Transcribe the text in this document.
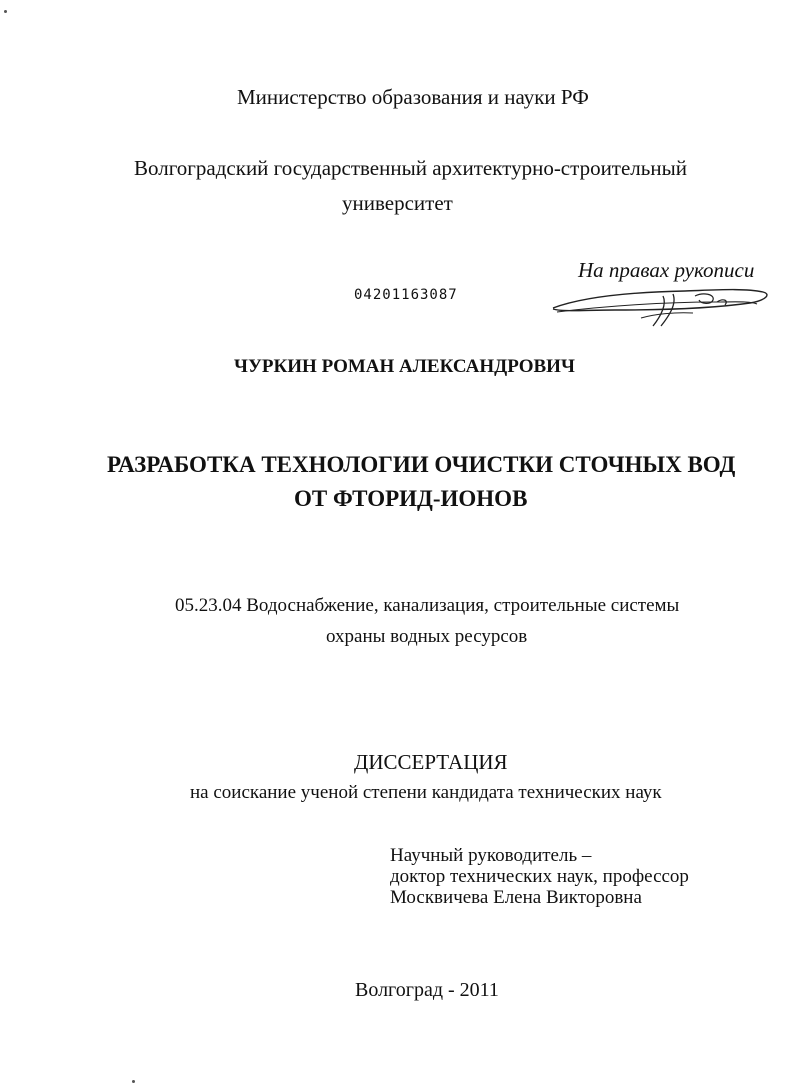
Министерство образования и науки РФ
Волгоградский государственный архитектурно-строительный
университет
На правах рукописи
04201163087
ЧУРКИН РОМАН АЛЕКСАНДРОВИЧ
РАЗРАБОТКА ТЕХНОЛОГИИ ОЧИСТКИ СТОЧНЫХ ВОД
ОТ ФТОРИД-ИОНОВ
05.23.04 Водоснабжение, канализация, строительные системы
охраны водных ресурсов
ДИССЕРТАЦИЯ
на соискание ученой степени кандидата технических наук
Научный руководитель –
доктор технических наук, профессор
Москвичева Елена Викторовна
Волгоград - 2011
